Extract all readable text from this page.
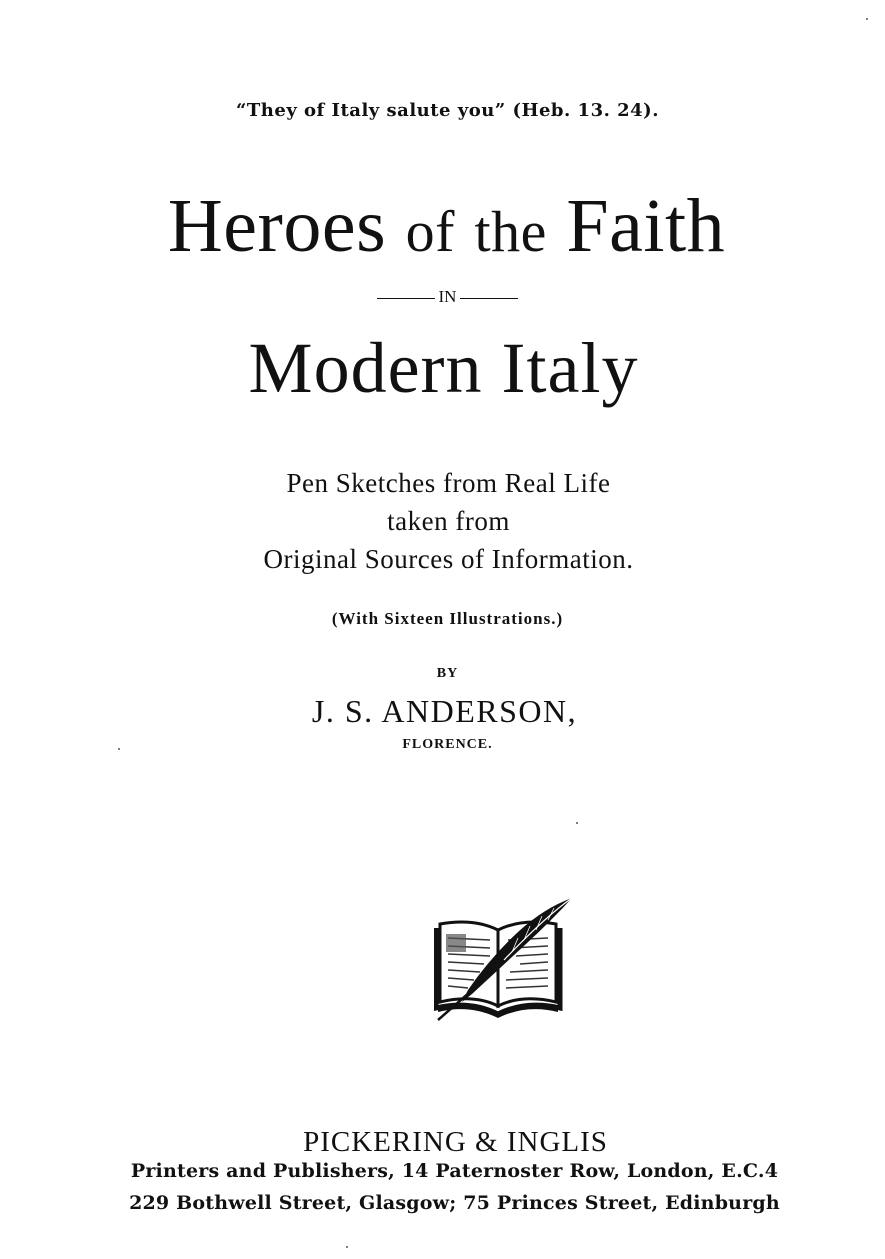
“They of Italy salute you” (Heb. 13. 24).
Heroes of the Faith
IN
Modern Italy
Pen Sketches from Real Life
taken from
Original Sources of Information.
(With Sixteen Illustrations.)
BY
J. S. ANDERSON,
FLORENCE.
PICKERING & INGLIS
Printers and Publishers, 14 Paternoster Row, London, E.C.4
229 Bothwell Street, Glasgow; 75 Princes Street, Edinburgh
